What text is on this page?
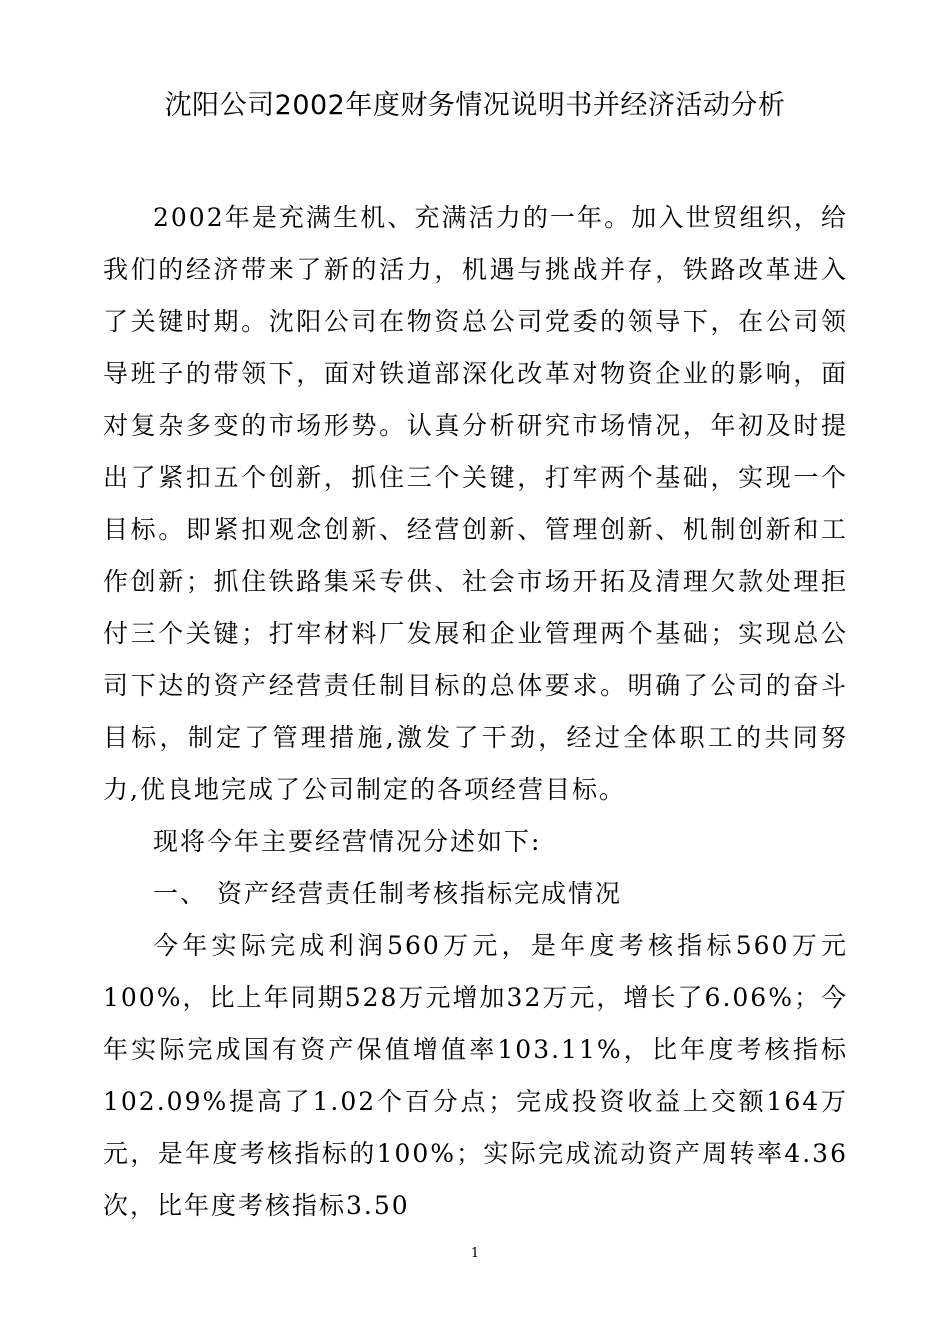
沈阳公司2002年度财务情况说明书并经济活动分析

2002年是充满生机、充满活力的一年。加入世贸组织，给我们的经济带来了新的活力，机遇与挑战并存，铁路改革进入了关键时期。沈阳公司在物资总公司党委的领导下，在公司领导班子的带领下，面对铁道部深化改革对物资企业的影响，面对复杂多变的市场形势。认真分析研究市场情况，年初及时提出了紧扣五个创新，抓住三个关键，打牢两个基础，实现一个目标。即紧扣观念创新、经营创新、管理创新、机制创新和工作创新；抓住铁路集采专供、社会市场开拓及清理欠款处理拒付三个关键；打牢材料厂发展和企业管理两个基础；实现总公司下达的资产经营责任制目标的总体要求。明确了公司的奋斗目标，制定了管理措施,激发了干劲，经过全体职工的共同努力,优良地完成了公司制定的各项经营目标。

现将今年主要经营情况分述如下:

一、 资产经营责任制考核指标完成情况

今年实际完成利润560万元，是年度考核指标560万元100%，比上年同期528万元增加32万元，增长了6.06%；今年实际完成国有资产保值增值率103.11%，比年度考核指标102.09%提高了1.02个百分点；完成投资收益上交额164万元，是年度考核指标的100%；实际完成流动资产周转率4.36次，比年度考核指标3.50

1
